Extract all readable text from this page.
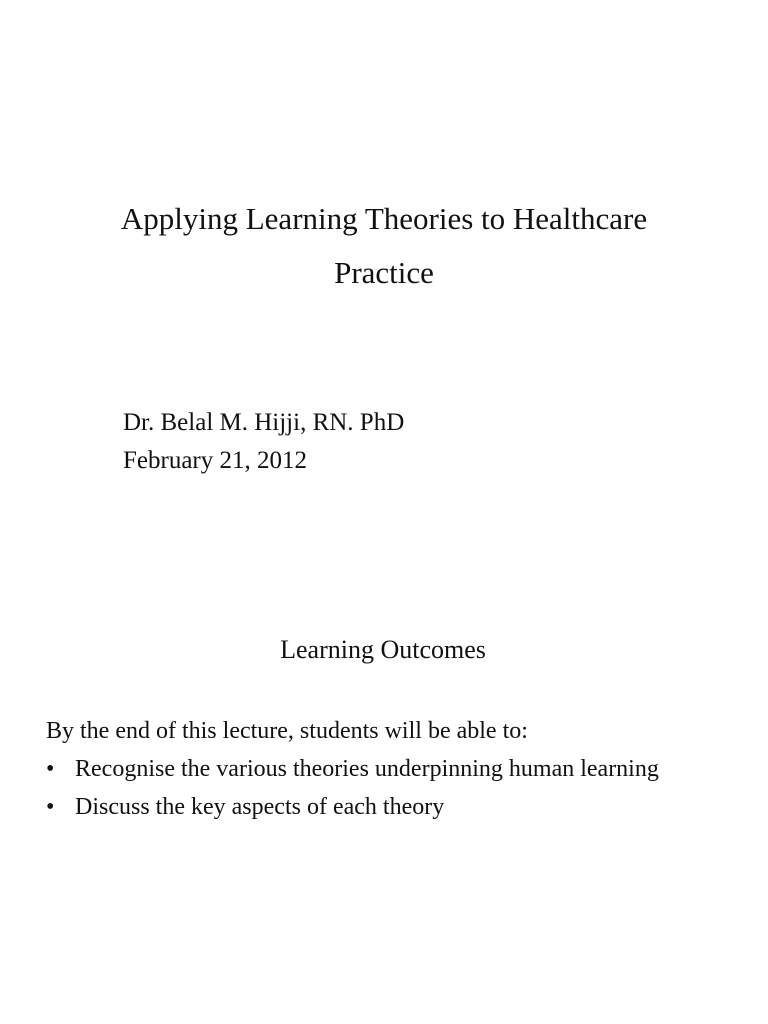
Applying Learning Theories to Healthcare
Practice
Dr. Belal M. Hijji, RN. PhD
February 21, 2012
Learning Outcomes
By the end of this lecture, students will be able to:
• Recognise the various theories underpinning human learning
• Discuss the key aspects of each theory
